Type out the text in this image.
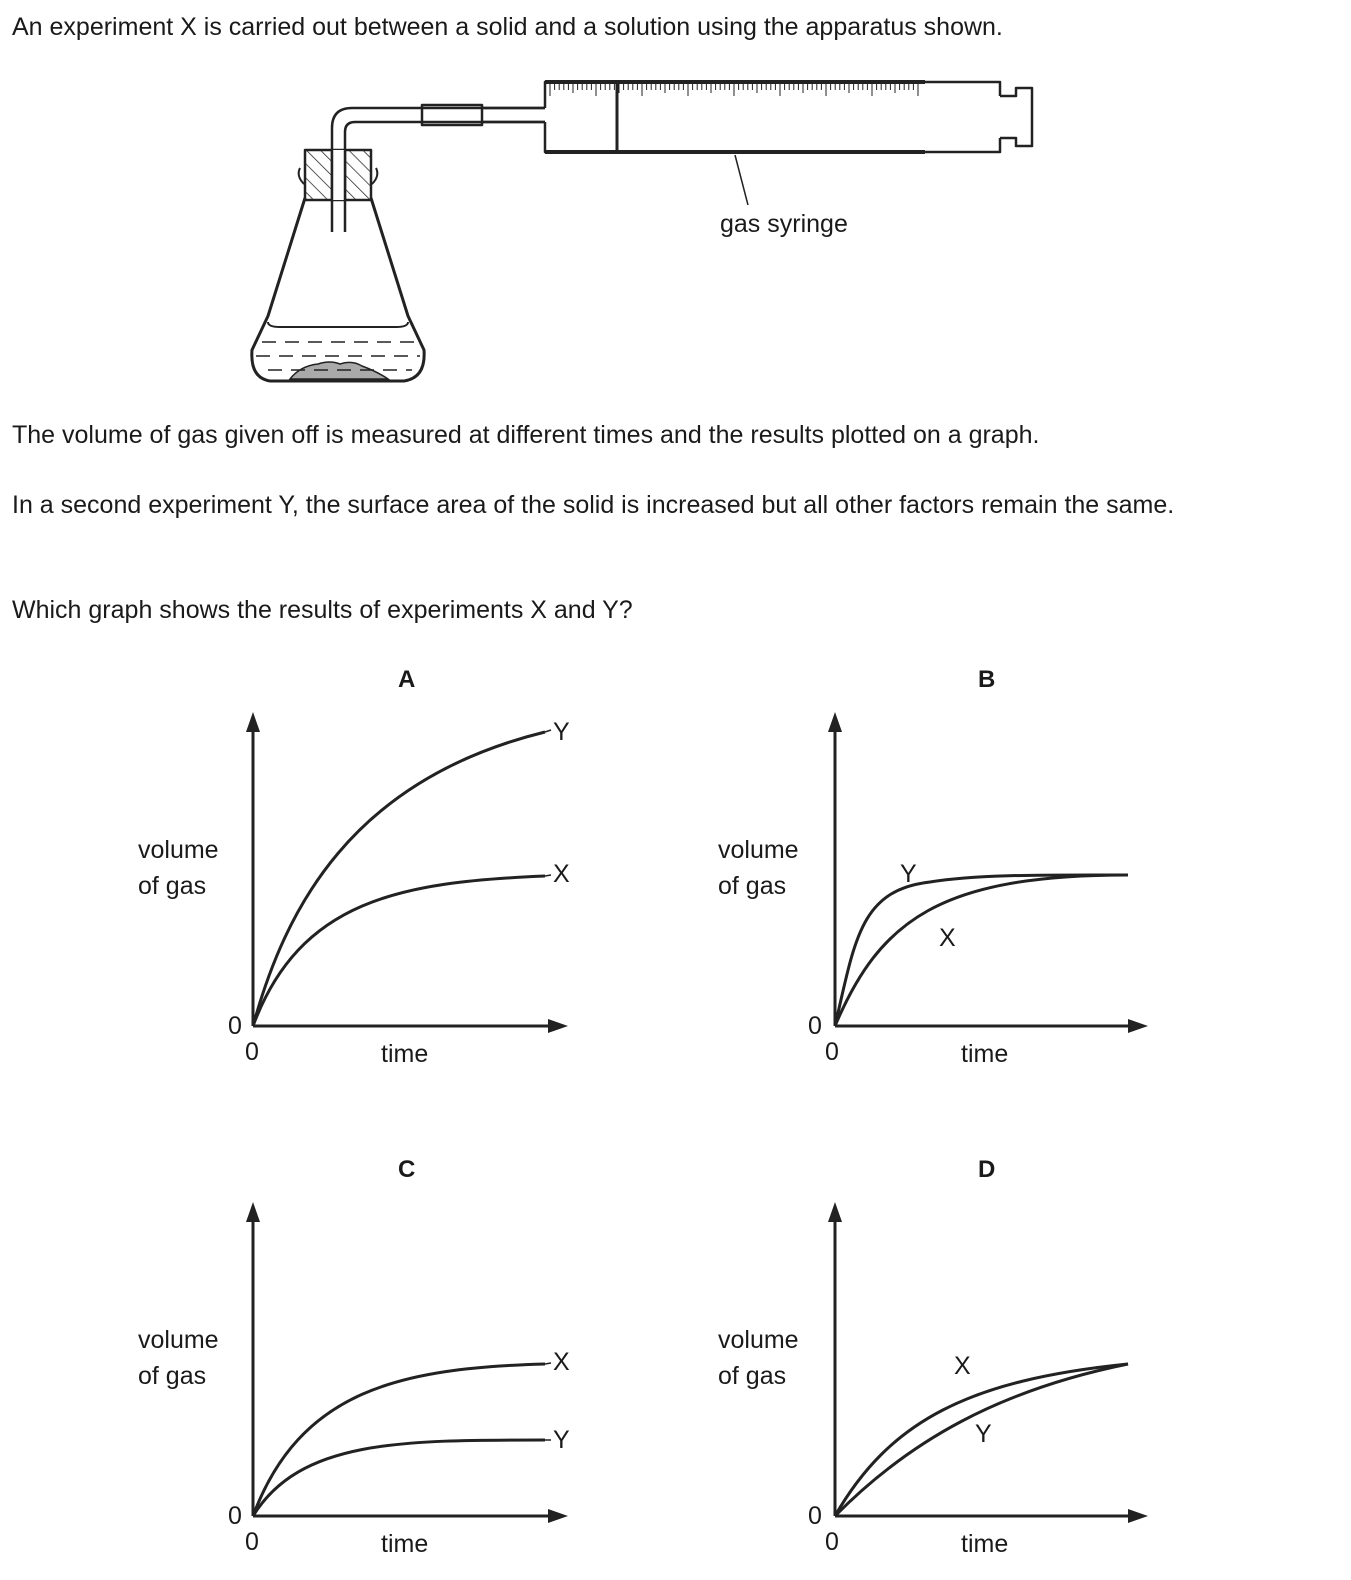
An experiment X is carried out between a solid and a solution using the apparatus shown.

gas syringe

The volume of gas given off is measured at different times and the results plotted on a graph.

In a second experiment Y, the surface area of the solid is increased but all other factors remain the same.

Which graph shows the results of experiments X and Y?

A
Y
X
volume
of gas
0
0	time
B
Y
X
volume
of gas
0
0	time
C
X
Y
volume
of gas
0
0	time
D
X
Y
volume
of gas
0
0	time
